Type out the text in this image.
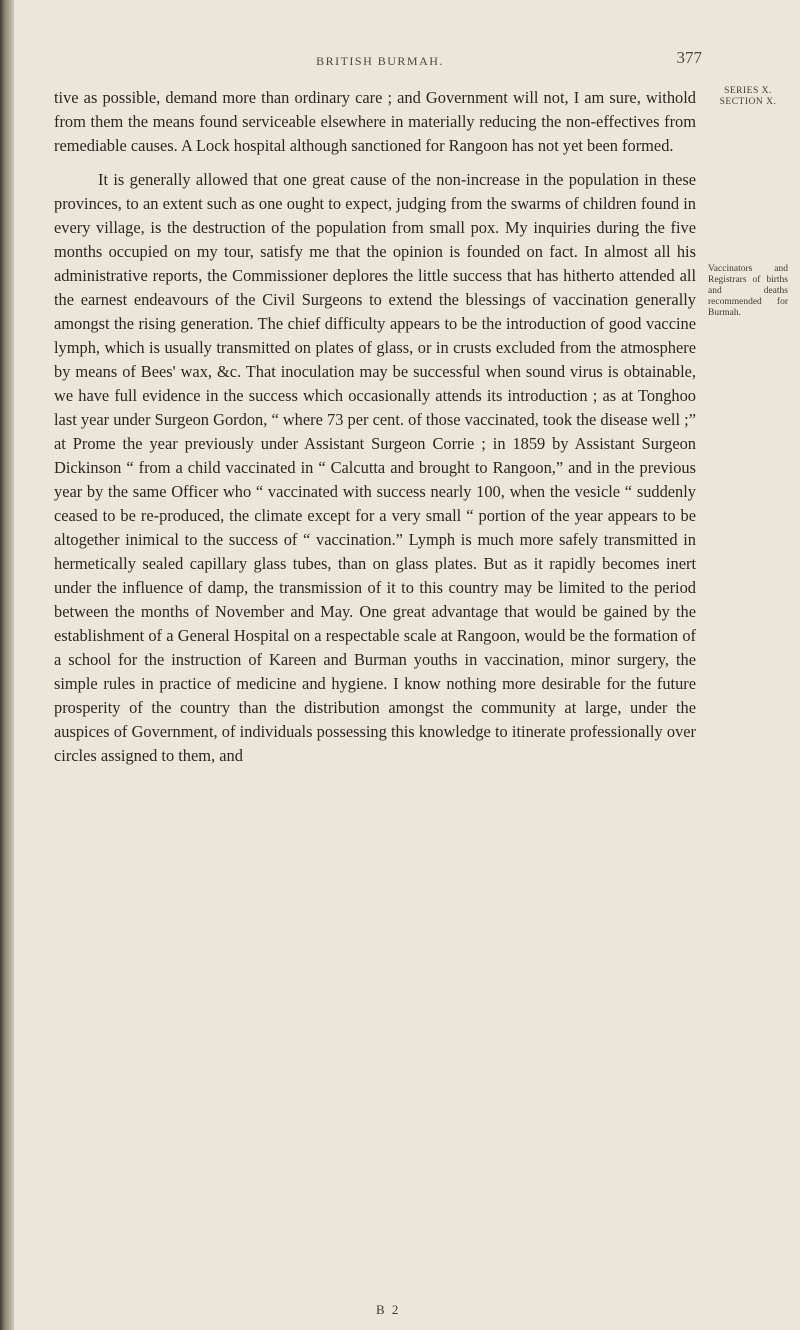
BRITISH BURMAH.	377
SERIES X. SECTION X.
Vaccinators and Registrars of births and deaths recommended for Burmah.

tive as possible, demand more than ordinary care ; and Government will not, I am sure, withold from them the means found serviceable elsewhere in materially reducing the non-effectives from remediable causes. A Lock hospital although sanctioned for Rangoon has not yet been formed.

It is generally allowed that one great cause of the non-increase in the population in these provinces, to an extent such as one ought to expect, judging from the swarms of children found in every village, is the destruction of the population from small pox. My inquiries during the five months occupied on my tour, satisfy me that the opinion is founded on fact. In almost all his administrative reports, the Commissioner deplores the little success that has hitherto attended all the earnest endeavours of the Civil Surgeons to extend the blessings of vaccination generally amongst the rising generation. The chief difficulty appears to be the introduction of good vaccine lymph, which is usually transmitted on plates of glass, or in crusts excluded from the atmosphere by means of Bees' wax, &c. That inoculation may be successful when sound virus is obtainable, we have full evidence in the success which occasionally attends its introduction ; as at Tonghoo last year under Surgeon Gordon, “ where 73 per cent. of those vaccinated, took the disease well ;” at Prome the year previously under Assistant Surgeon Corrie ; in 1859 by Assistant Surgeon Dickinson “ from a child vaccinated in “ Calcutta and brought to Rangoon,” and in the previous year by the same Officer who “ vaccinated with success nearly 100, when the vesicle “ suddenly ceased to be re-produced, the climate except for a very small “ portion of the year appears to be altogether inimical to the success of “ vaccination.” Lymph is much more safely transmitted in hermetically sealed capillary glass tubes, than on glass plates. But as it rapidly becomes inert under the influence of damp, the transmission of it to this country may be limited to the period between the months of November and May. One great advantage that would be gained by the establishment of a General Hospital on a respectable scale at Rangoon, would be the formation of a school for the instruction of Kareen and Burman youths in vaccination, minor surgery, the simple rules in practice of medicine and hygiene. I know nothing more desirable for the future prosperity of the country than the distribution amongst the community at large, under the auspices of Government, of individuals possessing this knowledge to itinerate professionally over circles assigned to them, and

B 2
